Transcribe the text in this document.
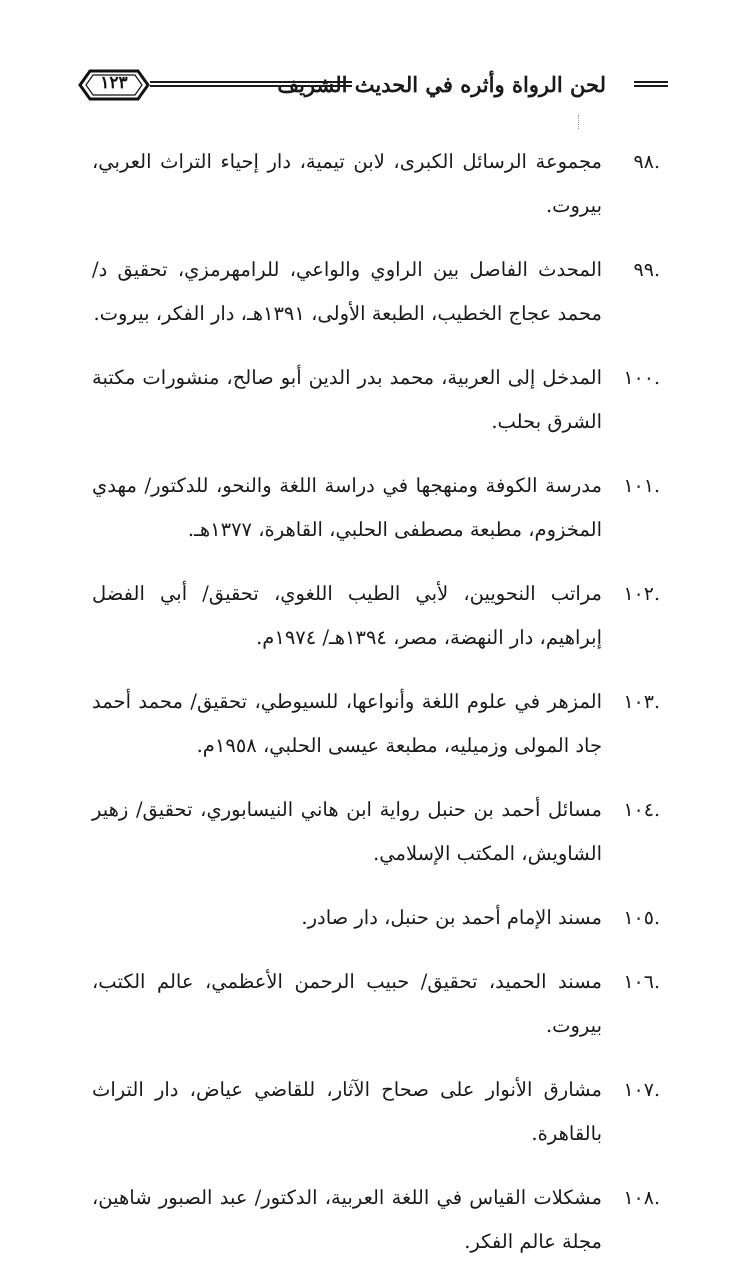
١٢٣	لحن الرواة وأثره في الحديث الشريف
٩٨.
مجموعة الرسائل الكبرى، لابن تيمية، دار إحياء التراث العربي، بيروت.
٩٩.
المحدث الفاصل بين الراوي والواعي، للرامهرمزي، تحقيق د/ محمد عجاج الخطيب، الطبعة الأولى، ١٣٩١هـ، دار الفكر، بيروت.
١٠٠.
المدخل إلى العربية، محمد بدر الدين أبو صالح، منشورات مكتبة الشرق بحلب.
١٠١.
مدرسة الكوفة ومنهجها في دراسة اللغة والنحو، للدكتور/ مهدي المخزوم، مطبعة مصطفى الحلبي، القاهرة، ١٣٧٧هـ.
١٠٢.
مراتب النحويين، لأبي الطيب اللغوي، تحقيق/ أبي الفضل إبراهيم، دار النهضة، مصر، ١٣٩٤هـ/ ١٩٧٤م.
١٠٣.
المزهر في علوم اللغة وأنواعها، للسيوطي، تحقيق/ محمد أحمد جاد المولى وزميليه، مطبعة عيسى الحلبي، ١٩٥٨م.
١٠٤.
مسائل أحمد بن حنبل رواية ابن هاني النيسابوري، تحقيق/ زهير الشاويش، المكتب الإسلامي.
١٠٥.
مسند الإمام أحمد بن حنبل، دار صادر.
١٠٦.
مسند الحميد، تحقيق/ حبيب الرحمن الأعظمي، عالم الكتب، بيروت.
١٠٧.
مشارق الأنوار على صحاح الآثار، للقاضي عياض، دار التراث بالقاهرة.
١٠٨.
مشكلات القياس في اللغة العربية، الدكتور/ عبد الصبور شاهين، مجلة عالم الفكر.
